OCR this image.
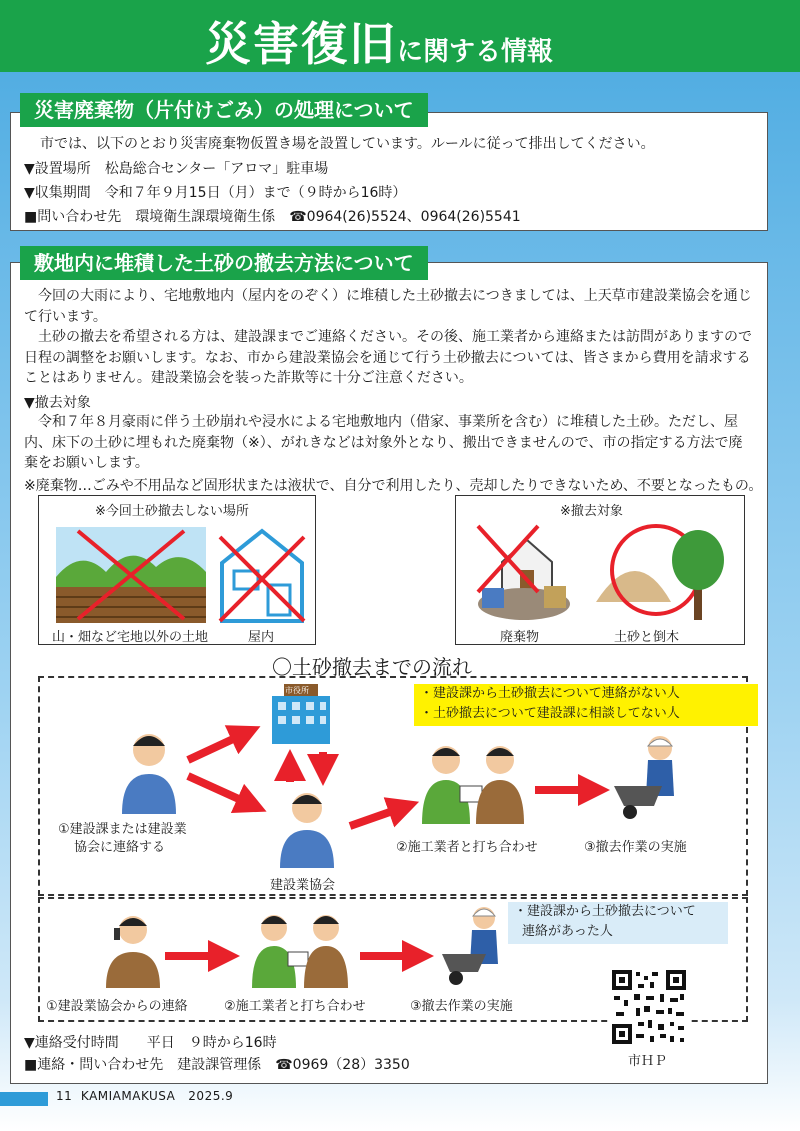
災害復旧に関する情報
災害廃棄物（片付けごみ）の処理について
市では、以下のとおり災害廃棄物仮置き場を設置しています。ルールに従って排出してください。
▼設置場所　松島総合センター「アロマ」駐車場
▼収集期間　令和７年９月15日（月）まで（９時から16時）
■問い合わせ先　環境衛生課環境衛生係　☎0964(26)5524、0964(26)5541
敷地内に堆積した土砂の撤去方法について
今回の大雨により、宅地敷地内（屋内をのぞく）に堆積した土砂撤去につきましては、上天草市建設業協会を通じて行います。
土砂の撤去を希望される方は、建設課までご連絡ください。その後、施工業者から連絡または訪問がありますので日程の調整をお願いします。なお、市から建設業協会を通じて行う土砂撤去については、皆さまから費用を請求することはありません。建設業協会を装った詐欺等に十分ご注意ください。
▼撤去対象
令和７年８月豪雨に伴う土砂崩れや浸水による宅地敷地内（借家、事業所を含む）に堆積した土砂。ただし、屋内、床下の土砂に埋もれた廃棄物（※）、がれきなどは対象外となり、搬出できませんので、市の指定する方法で廃棄をお願いします。
※廃棄物…ごみや不用品など固形状または液状で、自分で利用したり、売却したりできないため、不要となったもの。
※今回土砂撤去しない場所
山・畑など宅地以外の土地	屋内
※撤去対象
廃棄物	土砂と倒木
〇土砂撤去までの流れ
・建設課から土砂撤去について連絡がない人
・土砂撤去について建設課に相談してない人
①建設課または建設業
協会に連絡する
市役所
建設業協会
②施工業者と打ち合わせ	③撤去作業の実施
・建設課から土砂撤去について
連絡があった人
①建設業協会からの連絡	②施工業者と打ち合わせ	③撤去作業の実施
市ＨＰ
▼連絡受付時間　　平日　９時から16時
■連絡・問い合わせ先　建設課管理係　☎0969（28）3350
11 KAMIAMAKUSA 2025.9
